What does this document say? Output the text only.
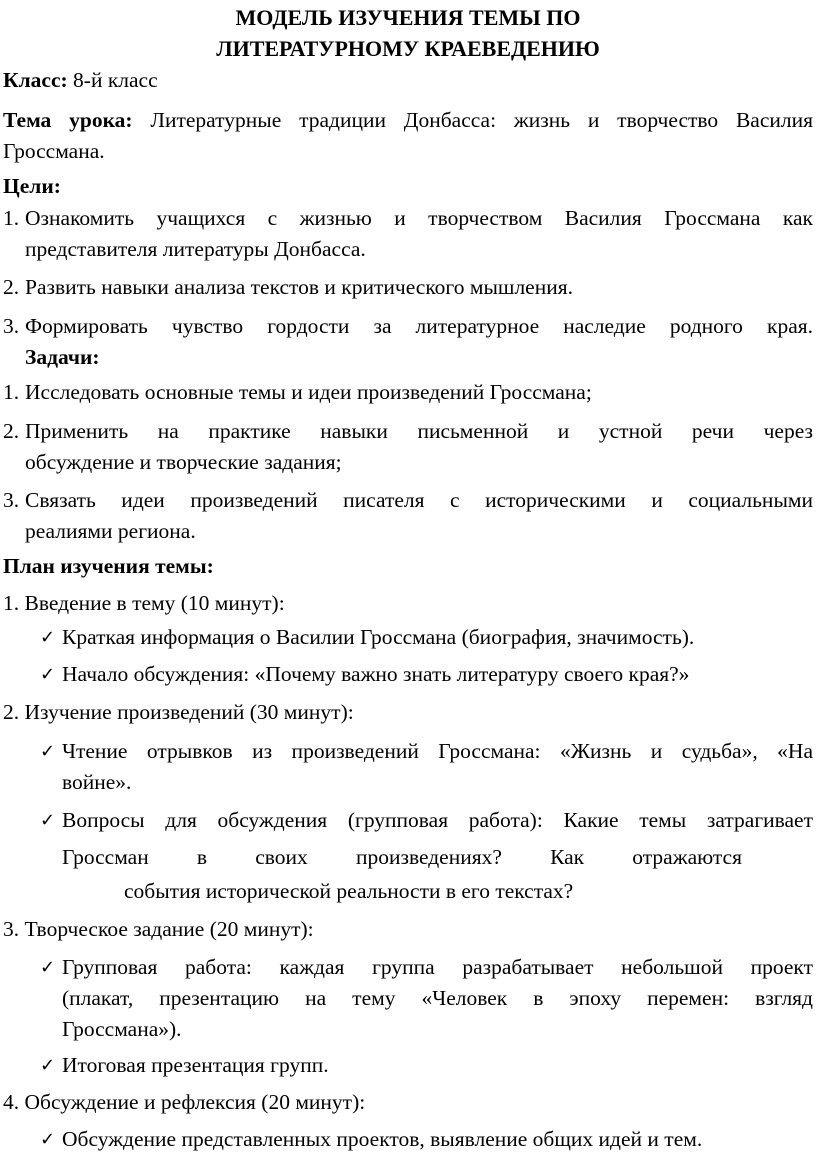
МОДЕЛЬ ИЗУЧЕНИЯ ТЕМЫ ПО
ЛИТЕРАТУРНОМУ КРАЕВЕДЕНИЮ
Класс: 8-й класс
Тема урока: Литературные традиции Донбасса: жизнь и творчество Василия
Гроссмана.
Цели:
1. Ознакомить учащихся с жизнью и творчеством Василия Гроссмана как
представителя литературы Донбасса.
2. Развить навыки анализа текстов и критического мышления.
3. Формировать чувство гордости за литературное наследие родного края.
Задачи:
1. Исследовать основные темы и идеи произведений Гроссмана;
2. Применить на практике навыки письменной и устной речи через
обсуждение и творческие задания;
3. Связать идеи произведений писателя с историческими и социальными
реалиями региона.
План изучения темы:
1. Введение в тему (10 минут):
✓ Краткая информация о Василии Гроссмана (биография, значимость).
✓ Начало обсуждения: «Почему важно знать литературу своего края?»
2. Изучение произведений (30 минут):
✓ Чтение отрывков из произведений Гроссмана: «Жизнь и судьба», «На
войне».
✓ Вопросы для обсуждения (групповая работа): Какие темы затрагивает
Гроссман в своих произведениях? Как отражаются
события исторической реальности в его текстах?
3. Творческое задание (20 минут):
✓ Групповая работа: каждая группа разрабатывает небольшой проект
(плакат, презентацию на тему «Человек в эпоху перемен: взгляд
Гроссмана»).
✓ Итоговая презентация групп.
4. Обсуждение и рефлексия (20 минут):
✓ Обсуждение представленных проектов, выявление общих идей и тем.
